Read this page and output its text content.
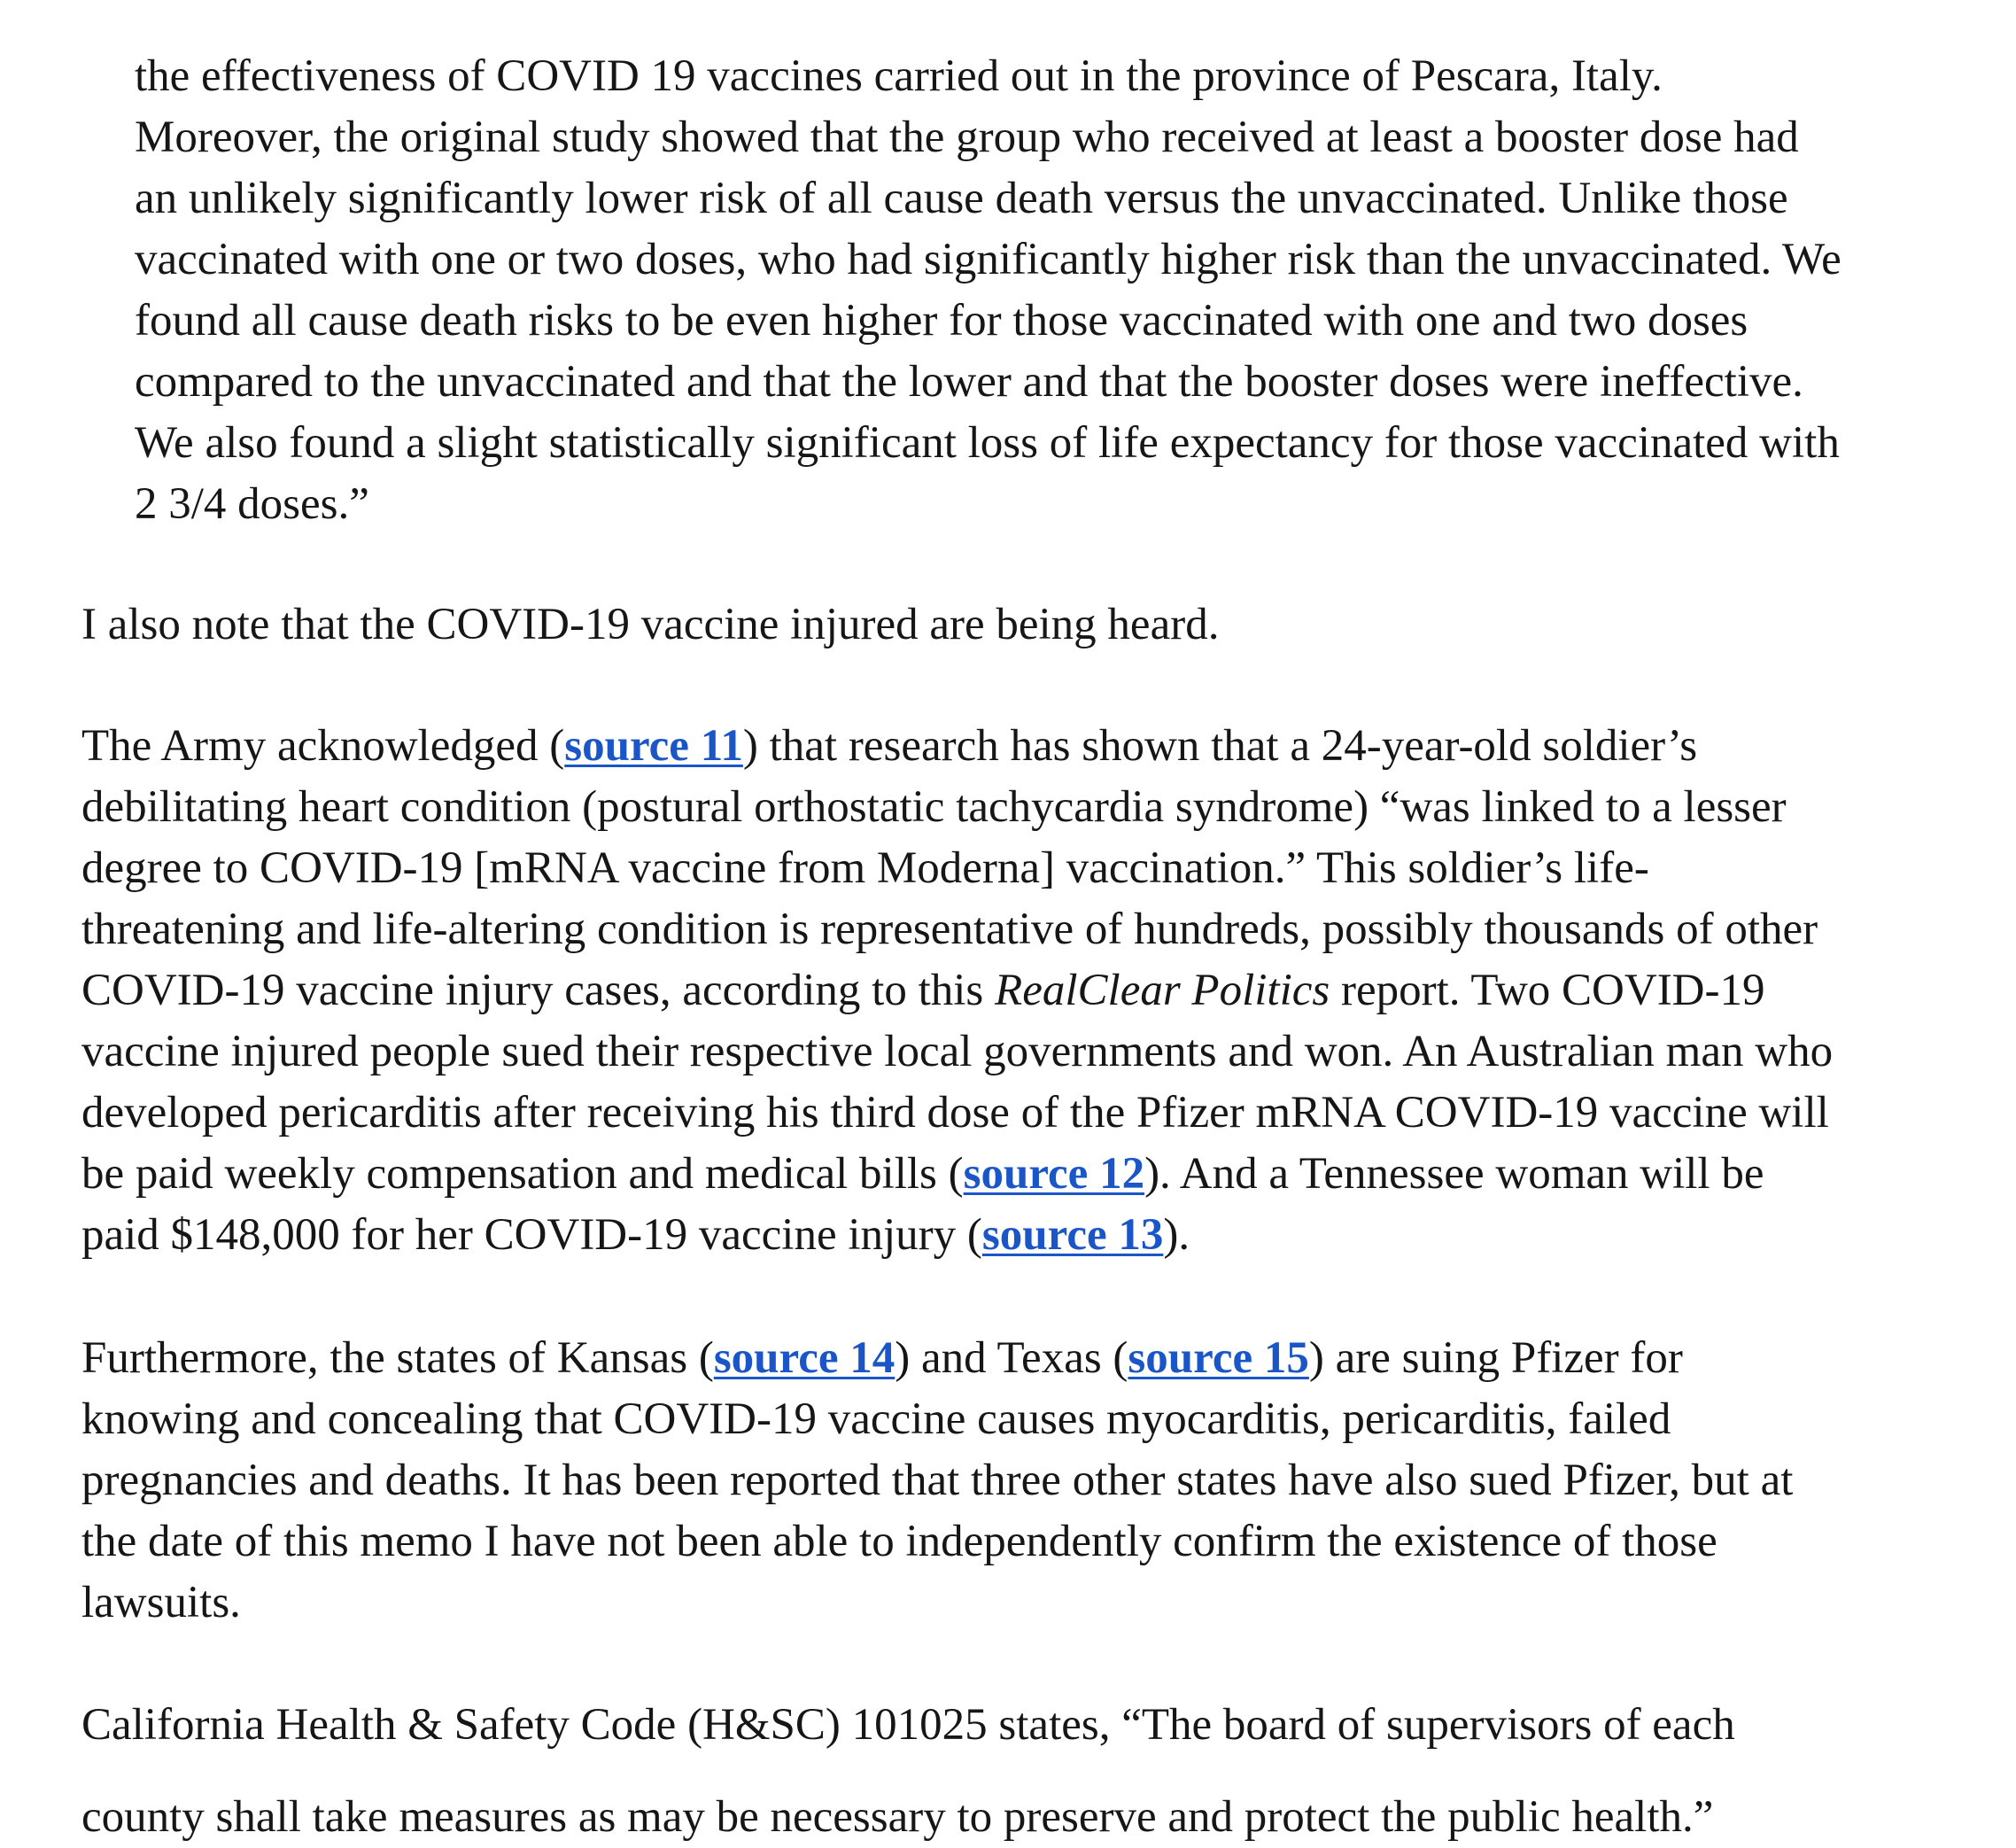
the effectiveness of COVID 19 vaccines carried out in the province of Pescara, Italy.
Moreover, the original study showed that the group who received at least a booster dose had
an unlikely significantly lower risk of all cause death versus the unvaccinated. Unlike those
vaccinated with one or two doses, who had significantly higher risk than the unvaccinated. We
found all cause death risks to be even higher for those vaccinated with one and two doses
compared to the unvaccinated and that the lower and that the booster doses were ineffective.
We also found a slight statistically significant loss of life expectancy for those vaccinated with
2 3/4 doses.”
I also note that the COVID-19 vaccine injured are being heard.
The Army acknowledged (source 11) that research has shown that a 24-year-old soldier’s
debilitating heart condition (postural orthostatic tachycardia syndrome) “was linked to a lesser
degree to COVID-19 [mRNA vaccine from Moderna] vaccination.” This soldier’s life-
threatening and life-altering condition is representative of hundreds, possibly thousands of other
COVID-19 vaccine injury cases, according to this RealClear Politics report. Two COVID-19
vaccine injured people sued their respective local governments and won. An Australian man who
developed pericarditis after receiving his third dose of the Pfizer mRNA COVID-19 vaccine will
be paid weekly compensation and medical bills (source 12). And a Tennessee woman will be
paid $148,000 for her COVID-19 vaccine injury (source 13).
Furthermore, the states of Kansas (source 14) and Texas (source 15) are suing Pfizer for
knowing and concealing that COVID-19 vaccine causes myocarditis, pericarditis, failed
pregnancies and deaths. It has been reported that three other states have also sued Pfizer, but at
the date of this memo I have not been able to independently confirm the existence of those
lawsuits.
California Health & Safety Code (H&SC) 101025 states, “The board of supervisors of each
county shall take measures as may be necessary to preserve and protect the public health.”
